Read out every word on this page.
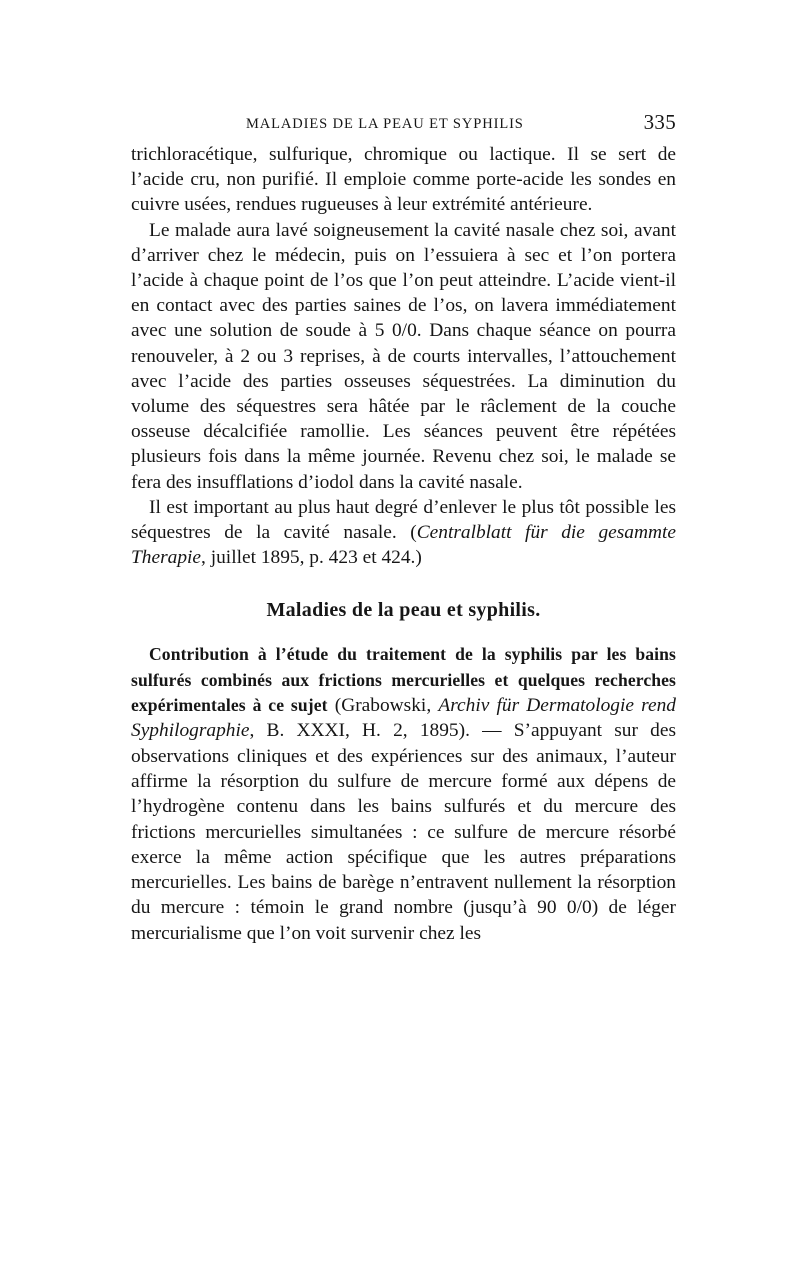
MALADIES DE LA PEAU ET SYPHILIS	335

trichloracétique, sulfurique, chromique ou lactique. Il se sert de l’acide cru, non purifié. Il emploie comme porte-acide les sondes en cuivre usées, rendues rugueuses à leur extrémité antérieure.

Le malade aura lavé soigneusement la cavité nasale chez soi, avant d’arriver chez le médecin, puis on l’essuiera à sec et l’on portera l’acide à chaque point de l’os que l’on peut atteindre. L’acide vient-il en contact avec des parties saines de l’os, on lavera immédiatement avec une solution de soude à 5 0/0. Dans chaque séance on pourra renouveler, à 2 ou 3 reprises, à de courts intervalles, l’attouchement avec l’acide des parties osseuses séquestrées. La diminution du volume des séquestres sera hâtée par le râclement de la couche osseuse décalcifiée ramollie. Les séances peuvent être répétées plusieurs fois dans la même journée. Revenu chez soi, le malade se fera des insufflations d’iodol dans la cavité nasale.

Il est important au plus haut degré d’enlever le plus tôt possible les séquestres de la cavité nasale. (Centralblatt für die gesammte Therapie, juillet 1895, p. 423 et 424.)

Maladies de la peau et syphilis.

Contribution à l’étude du traitement de la syphilis par les bains sulfurés combinés aux frictions mercurielles et quelques recherches expérimentales à ce sujet (Grabowski, Archiv für Dermatologie rend Syphilographie, B. XXXI, H. 2, 1895). — S’appuyant sur des observations cliniques et des expériences sur des animaux, l’auteur affirme la résorption du sulfure de mercure formé aux dépens de l’hydrogène contenu dans les bains sulfurés et du mercure des frictions mercurielles simultanées : ce sulfure de mercure résorbé exerce la même action spécifique que les autres préparations mercurielles. Les bains de barège n’entravent nullement la résorption du mercure : témoin le grand nombre (jusqu’à 90 0/0) de léger mercurialisme que l’on voit survenir chez les
